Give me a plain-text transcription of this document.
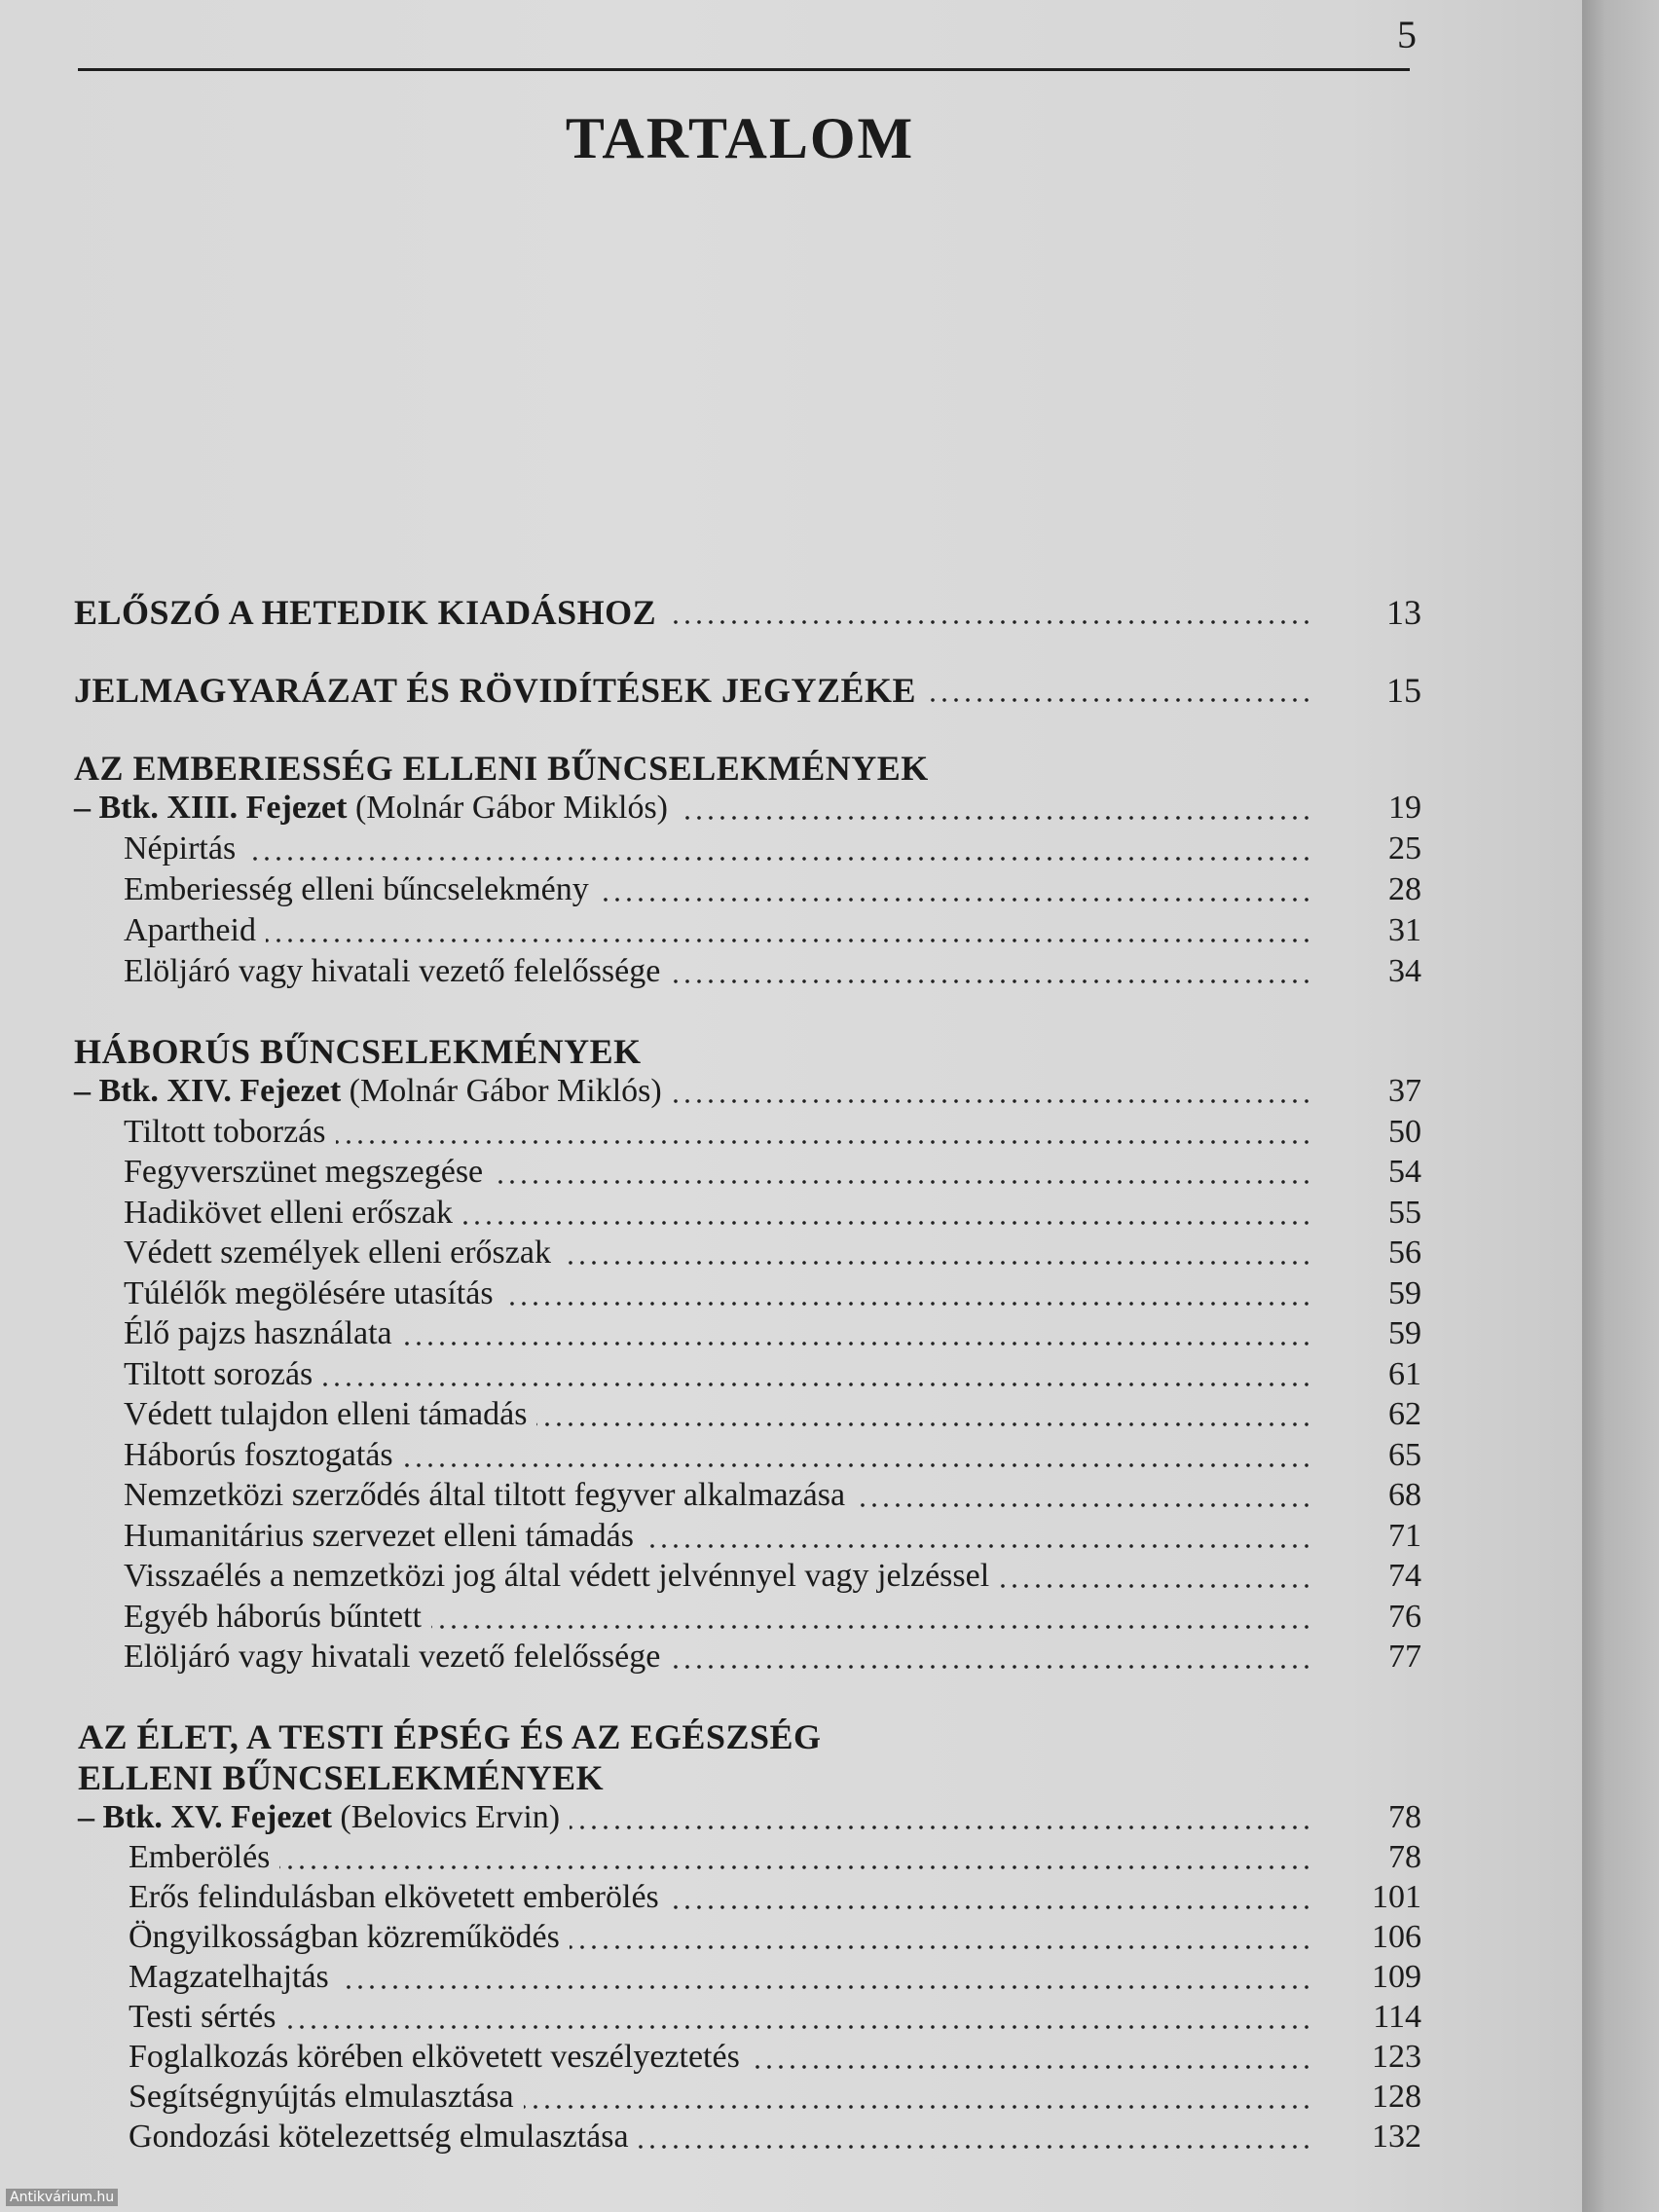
5
TARTALOM
ELŐSZÓ A HETEDIK KIADÁSHOZ	13
JELMAGYARÁZAT ÉS RÖVIDÍTÉSEK JEGYZÉKE	15
AZ EMBERIESSÉG ELLENI BŰNCSELEKMÉNYEK
– Btk. XIII. Fejezet (Molnár Gábor Miklós)	19
Népirtás	25
Emberiesség elleni bűncselekmény	28
Apartheid	31
Elöljáró vagy hivatali vezető felelőssége	34
HÁBORÚS BŰNCSELEKMÉNYEK
– Btk. XIV. Fejezet (Molnár Gábor Miklós)	37
Tiltott toborzás	50
Fegyverszünet megszegése	54
Hadikövet elleni erőszak	55
Védett személyek elleni erőszak	56
Túlélők megölésére utasítás	59
Élő pajzs használata	59
Tiltott sorozás	61
Védett tulajdon elleni támadás	62
Háborús fosztogatás	65
Nemzetközi szerződés által tiltott fegyver alkalmazása	68
Humanitárius szervezet elleni támadás	71
Visszaélés a nemzetközi jog által védett jelvénnyel vagy jelzéssel	74
Egyéb háborús bűntett	76
Elöljáró vagy hivatali vezető felelőssége	77
AZ ÉLET, A TESTI ÉPSÉG ÉS AZ EGÉSZSÉG
ELLENI BŰNCSELEKMÉNYEK
– Btk. XV. Fejezet (Belovics Ervin)	78
Emberölés	78
Erős felindulásban elkövetett emberölés	101
Öngyilkosságban közreműködés	106
Magzatelhajtás	109
Testi sértés	114
Foglalkozás körében elkövetett veszélyeztetés	123
Segítségnyújtás elmulasztása	128
Gondozási kötelezettség elmulasztása	132
Antikvárium.hu
